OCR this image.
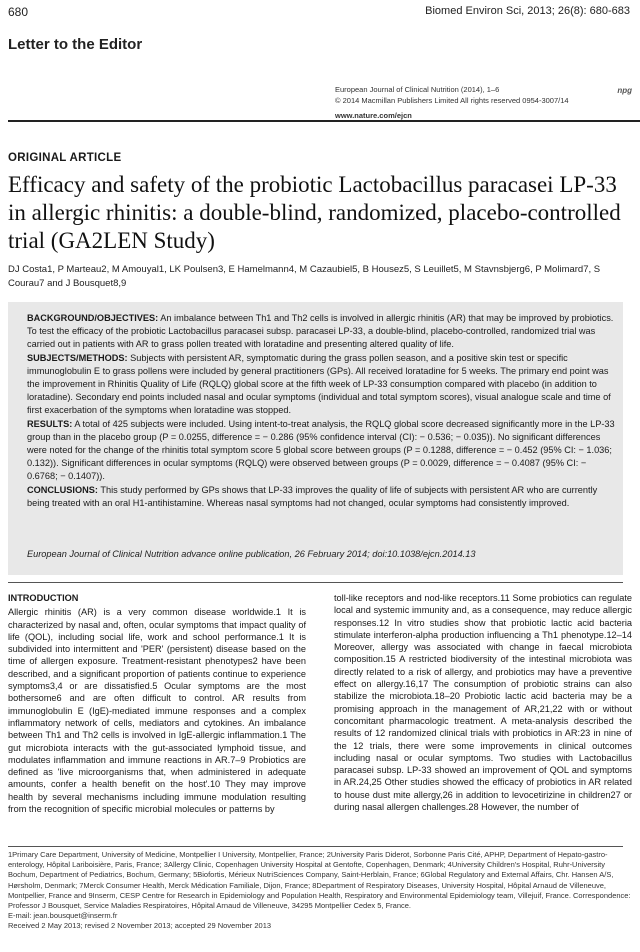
680	Biomed Environ Sci, 2013; 26(8): 680-683
Letter to the Editor
European Journal of Clinical Nutrition (2014), 1–6
© 2014 Macmillan Publishers Limited All rights reserved 0954-3007/14
www.nature.com/ejcn
npg
ORIGINAL ARTICLE
Efficacy and safety of the probiotic Lactobacillus paracasei LP-33 in allergic rhinitis: a double-blind, randomized, placebo-controlled trial (GA2LEN Study)
DJ Costa1, P Marteau2, M Amouyal1, LK Poulsen3, E Hamelmann4, M Cazaubiel5, B Housez5, S Leuillet5, M Stavnsbjerg6, P Molimard7, S Courau7 and J Bousquet8,9

BACKGROUND/OBJECTIVES: An imbalance between Th1 and Th2 cells is involved in allergic rhinitis (AR) that may be improved by probiotics. To test the efficacy of the probiotic Lactobacillus paracasei subsp. paracasei LP-33, a double-blind, placebo-controlled, randomized trial was carried out in patients with AR to grass pollen treated with loratadine and presenting altered quality of life.

SUBJECTS/METHODS: Subjects with persistent AR, symptomatic during the grass pollen season, and a positive skin test or specific immunoglobulin E to grass pollens were included by general practitioners (GPs). All received loratadine for 5 weeks. The primary end point was the improvement in Rhinitis Quality of Life (RQLQ) global score at the fifth week of LP-33 consumption compared with placebo (in addition to loratadine). Secondary end points included nasal and ocular symptoms (individual and total symptom scores), visual analogue scale and time of first exacerbation of the symptoms when loratadine was stopped.

RESULTS: A total of 425 subjects were included. Using intent-to-treat analysis, the RQLQ global score decreased significantly more in the LP-33 group than in the placebo group (P = 0.0255, difference = − 0.286 (95% confidence interval (CI): − 0.536; − 0.035)). No significant differences were noted for the change of the rhinitis total symptom score 5 global score between groups (P = 0.1288, difference = − 0.452 (95% CI: − 1.036; 0.132)). Significant differences in ocular symptoms (RQLQ) were observed between groups (P = 0.0029, difference = − 0.4087 (95% CI: − 0.6768; − 0.1407)).

CONCLUSIONS: This study performed by GPs shows that LP-33 improves the quality of life of subjects with persistent AR who are currently being treated with an oral H1-antihistamine. Whereas nasal symptoms had not changed, ocular symptoms had consistently improved.

European Journal of Clinical Nutrition advance online publication, 26 February 2014; doi:10.1038/ejcn.2014.13
INTRODUCTION
Allergic rhinitis (AR) is a very common disease worldwide.1 It is characterized by nasal and, often, ocular symptoms that impact quality of life (QOL), including social life, work and school performance.1 It is subdivided into intermittent and 'PER' (persistent) disease based on the time of allergen exposure. Treatment-resistant phenotypes2 have been described, and a significant proportion of patients continue to experience symptoms3,4 or are dissatisfied.5 Ocular symptoms are the most bothersome6 and are often difficult to control. AR results from immunoglobulin E (IgE)-mediated immune responses and a complex inflammatory network of cells, mediators and cytokines. An imbalance between Th1 and Th2 cells is involved in IgE-allergic inflammation.1 The gut microbiota interacts with the gut-associated lymphoid tissue, and modulates inflammation and immune reactions in AR.7–9 Probiotics are defined as 'live microorganisms that, when administered in adequate amounts, confer a health benefit on the host'.10 They may improve health by several mechanisms including immune modulation resulting from the recognition of specific microbial molecules or patterns by
toll-like receptors and nod-like receptors.11 Some probiotics can regulate local and systemic immunity and, as a consequence, may reduce allergic responses.12 In vitro studies show that probiotic lactic acid bacteria stimulate interferon-alpha production influencing a Th1 phenotype.12–14 Moreover, allergy was associated with change in faecal microbiota composition.15 A restricted biodiversity of the intestinal microbiota was directly related to a risk of allergy, and probiotics may have a preventive effect on allergy.16,17 The consumption of probiotic strains can also stabilize the microbiota.18–20 Probiotic lactic acid bacteria may be a promising approach in the management of AR,21,22 with or without concomitant pharmacologic treatment. A meta-analysis described the results of 12 randomized clinical trials with probiotics in AR:23 in nine of the 12 trials, there were some improvements in clinical outcomes including nasal or ocular symptoms. Two studies with Lactobacillus paracasei subsp. LP-33 showed an improvement of QOL and symptoms in AR.24,25 Other studies showed the efficacy of probiotics in AR related to house dust mite allergy,26 in addition to levocetirizine in children27 or during nasal allergen challenges.28 However, the number of

1Primary Care Department, University of Medicine, Montpellier I University, Montpellier, France; 2University Paris Diderot, Sorbonne Paris Cité, APHP, Department of Hepato-gastro-enterology, Hôpital Lariboisière, Paris, France; 3Allergy Clinic, Copenhagen University Hospital at Gentofte, Copenhagen, Denmark; 4University Children's Hospital, Ruhr-University Bochum, Department of Pediatrics, Bochum, Germany; 5Biofortis, Mérieux NutriSciences Company, Saint-Herblain, France; 6Global Regulatory and External Affairs, Chr. Hansen A/S, Hørsholm, Denmark; 7Merck Consumer Health, Merck Médication Familiale, Dijon, France; 8Department of Respiratory Diseases, University Hospital, Hôpital Arnaud de Villeneuve, Montpellier, France and 9Inserm, CESP Centre for Research in Epidemiology and Population Health, Respiratory and Environmental Epidemiology team, Villejuif, France. Correspondence: Professor J Bousquet, Service Maladies Respiratoires, Hôpital Arnaud de Villeneuve, 34295 Montpellier Cedex 5, France.

E-mail: jean.bousquet@inserm.fr

Received 2 May 2013; revised 2 November 2013; accepted 29 November 2013
